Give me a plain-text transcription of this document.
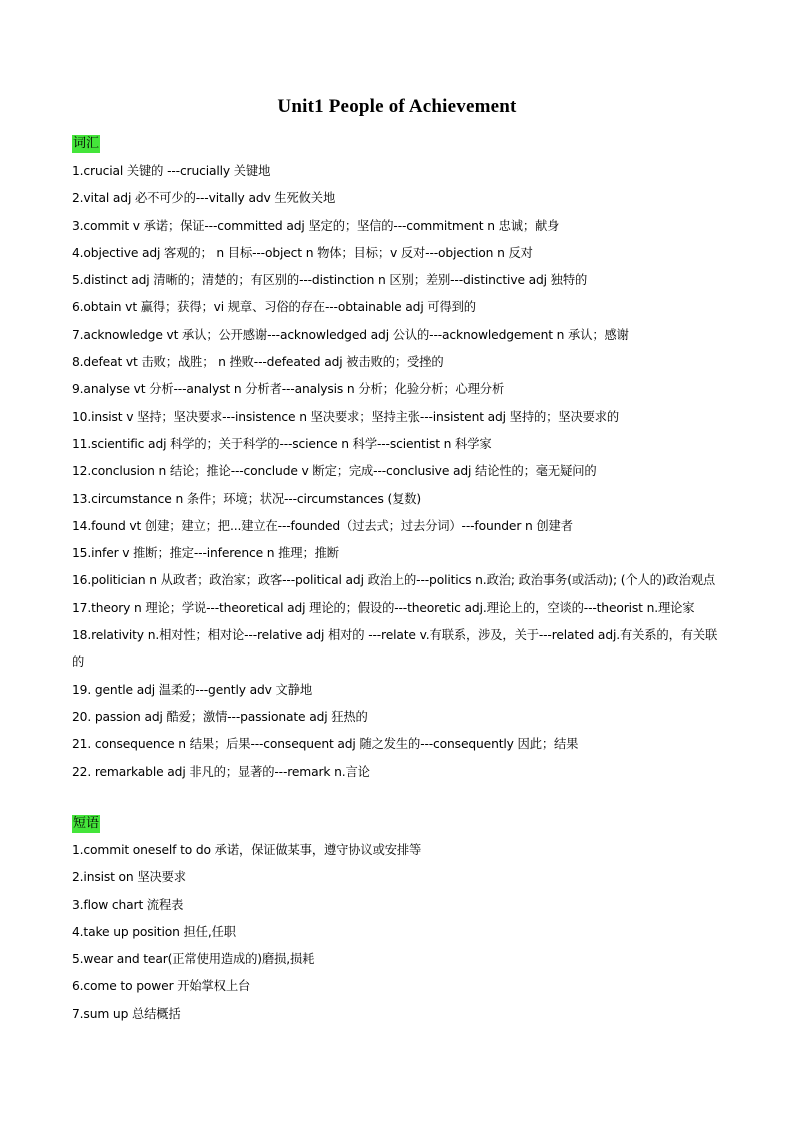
Unit1 People of Achievement
词汇
1.crucial 关键的 ---crucially 关键地
2.vital adj 必不可少的---vitally adv 生死攸关地
3.commit v 承诺；保证---committed adj 坚定的；坚信的---commitment n 忠诚；献身
4.objective adj 客观的； n 目标---object n 物体；目标；v 反对---objection n 反对
5.distinct adj 清晰的；清楚的；有区别的---distinction n 区别；差别---distinctive adj 独特的
6.obtain vt 赢得；获得；vi 规章、习俗的存在---obtainable adj 可得到的
7.acknowledge vt 承认；公开感谢---acknowledged adj 公认的---acknowledgement n 承认；感谢
8.defeat vt 击败；战胜； n 挫败---defeated adj 被击败的；受挫的
9.analyse vt 分析---analyst n 分析者---analysis n 分析；化验分析；心理分析
10.insist v 坚持；坚决要求---insistence n 坚决要求；坚持主张---insistent adj 坚持的；坚决要求的
11.scientific adj 科学的；关于科学的---science n 科学---scientist n 科学家
12.conclusion n 结论；推论---conclude v 断定；完成---conclusive adj 结论性的；毫无疑问的
13.circumstance n 条件；环境；状况---circumstances (复数)
14.found vt 创建；建立；把...建立在---founded（过去式；过去分词）---founder n 创建者
15.infer v 推断；推定---inference n 推理；推断
16.politician n 从政者；政治家；政客---political adj 政治上的---politics n.政治; 政治事务(或活动); (个人的)政治观点
17.theory n 理论；学说---theoretical adj 理论的；假设的---theoretic adj.理论上的，空谈的---theorist n.理论家
18.relativity n.相对性；相对论---relative adj 相对的 ---relate v.有联系，涉及，关于---related adj.有关系的，有关联的
19. gentle adj 温柔的---gently adv 文静地
20. passion adj 酷爱；激情---passionate adj 狂热的
21. consequence n 结果；后果---consequent adj 随之发生的---consequently 因此；结果
22. remarkable adj 非凡的；显著的---remark n.言论
短语
1.commit oneself to do 承诺，保证做某事，遵守协议或安排等
2.insist on 坚决要求
3.flow chart 流程表
4.take up position 担任,任职
5.wear and tear(正常使用造成的)磨损,损耗
6.come to power 开始掌权上台
7.sum up 总结概括
